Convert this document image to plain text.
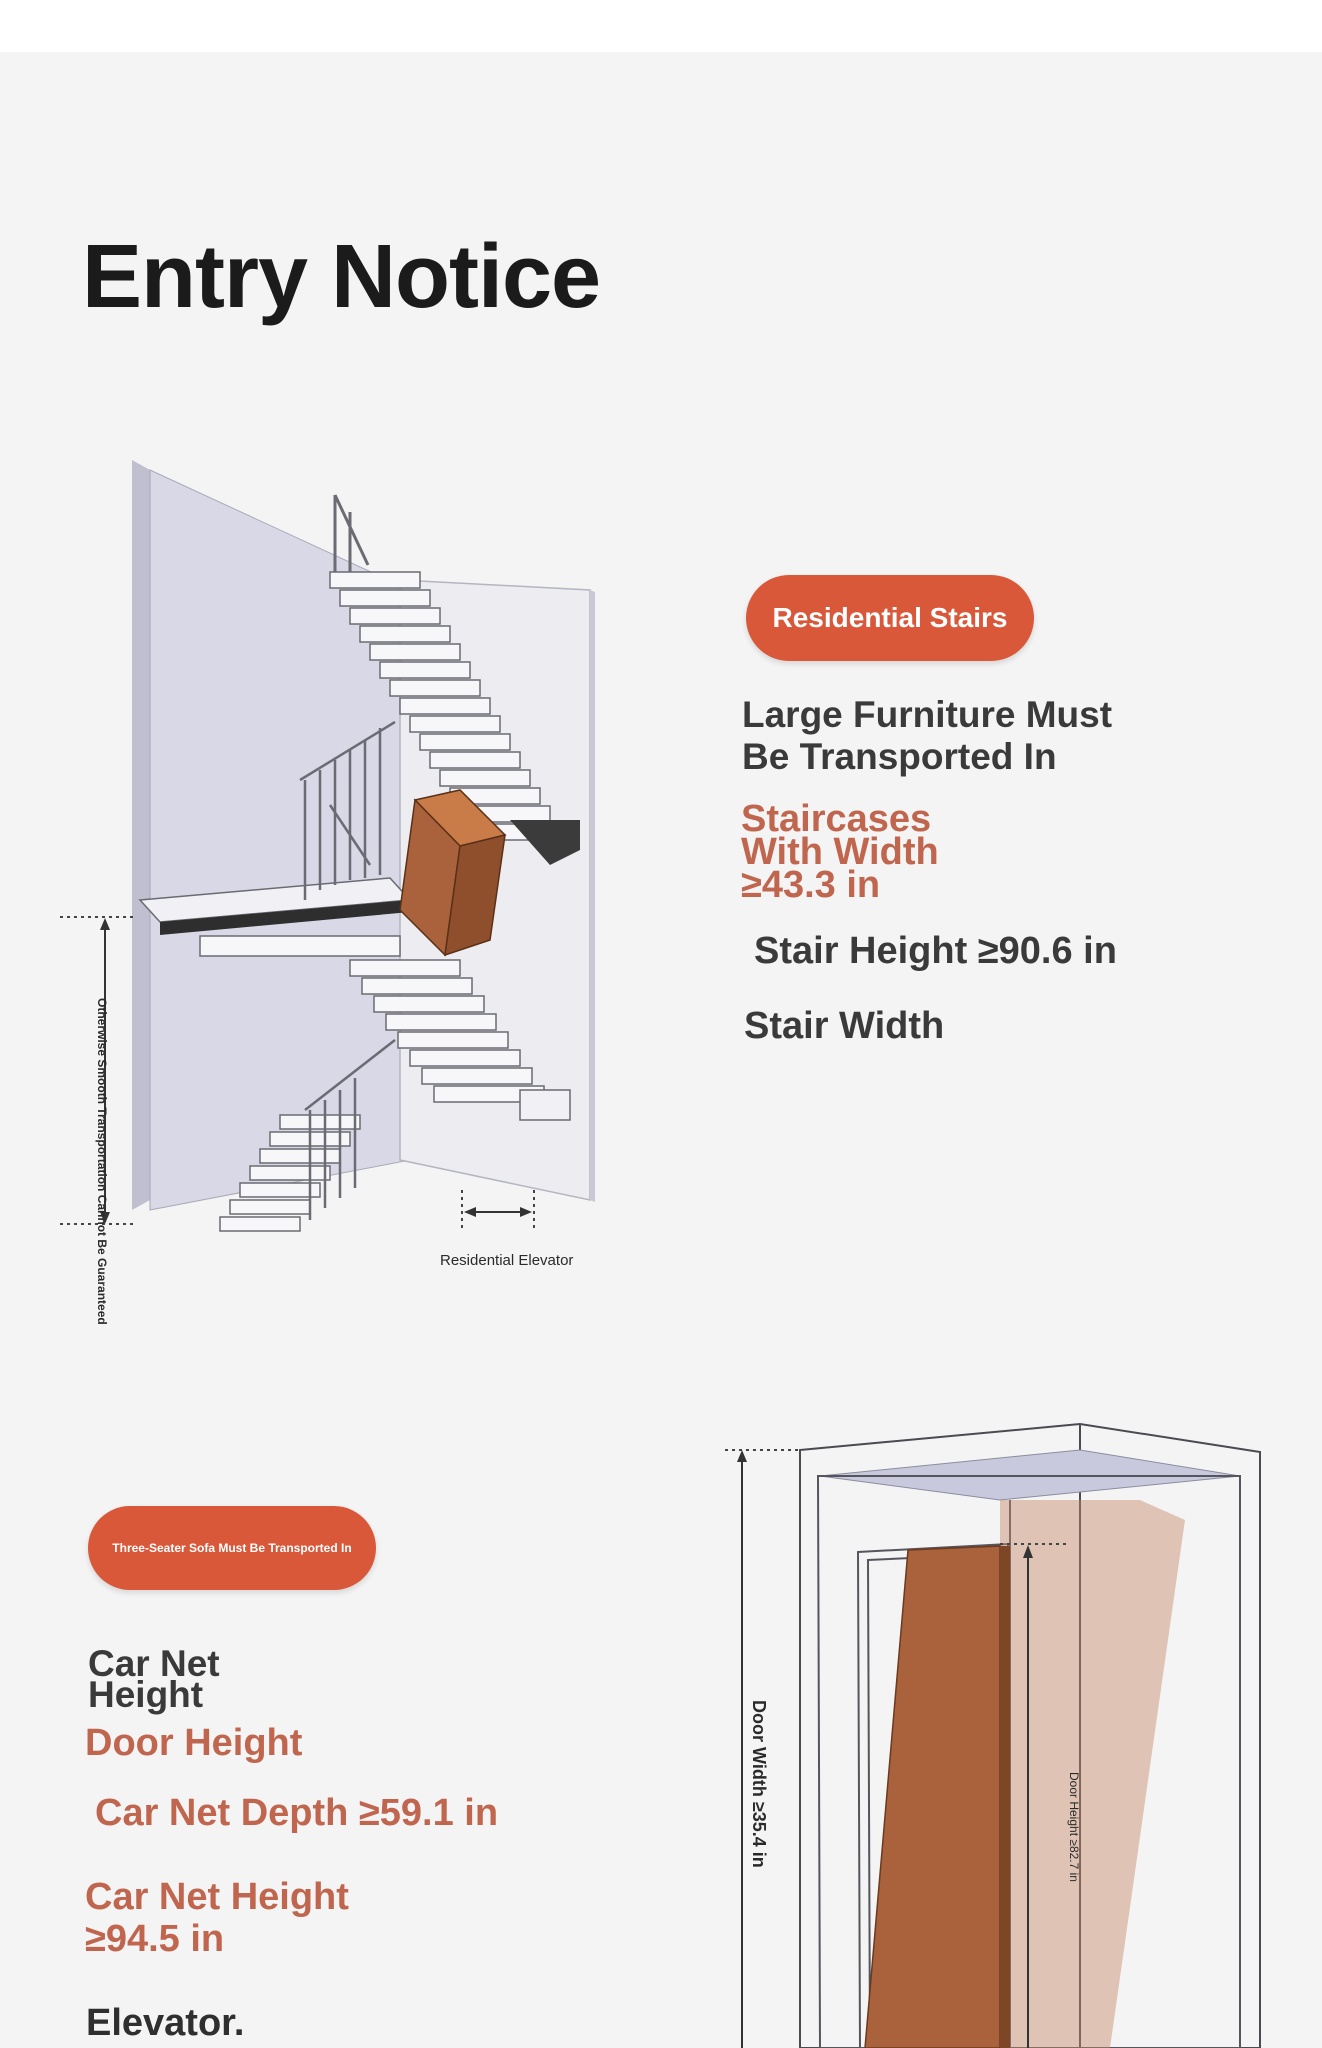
Entry Notice
Otherwise Smooth Transportation Cannot Be Guaranteed	Residential Elevator
Residential Stairs
Large Furniture Must
Be Transported In
Staircases
With Width
≥43.3 in
Stair Height ≥90.6 in
Stair Width
Three-Seater Sofa Must Be Transported In
Car Net
Height
Door Height
Car Net Depth ≥59.1 in
Car Net Height
≥94.5 in
Elevator.
Door Width ≥35.4 in	Door Height ≥82.7 in
